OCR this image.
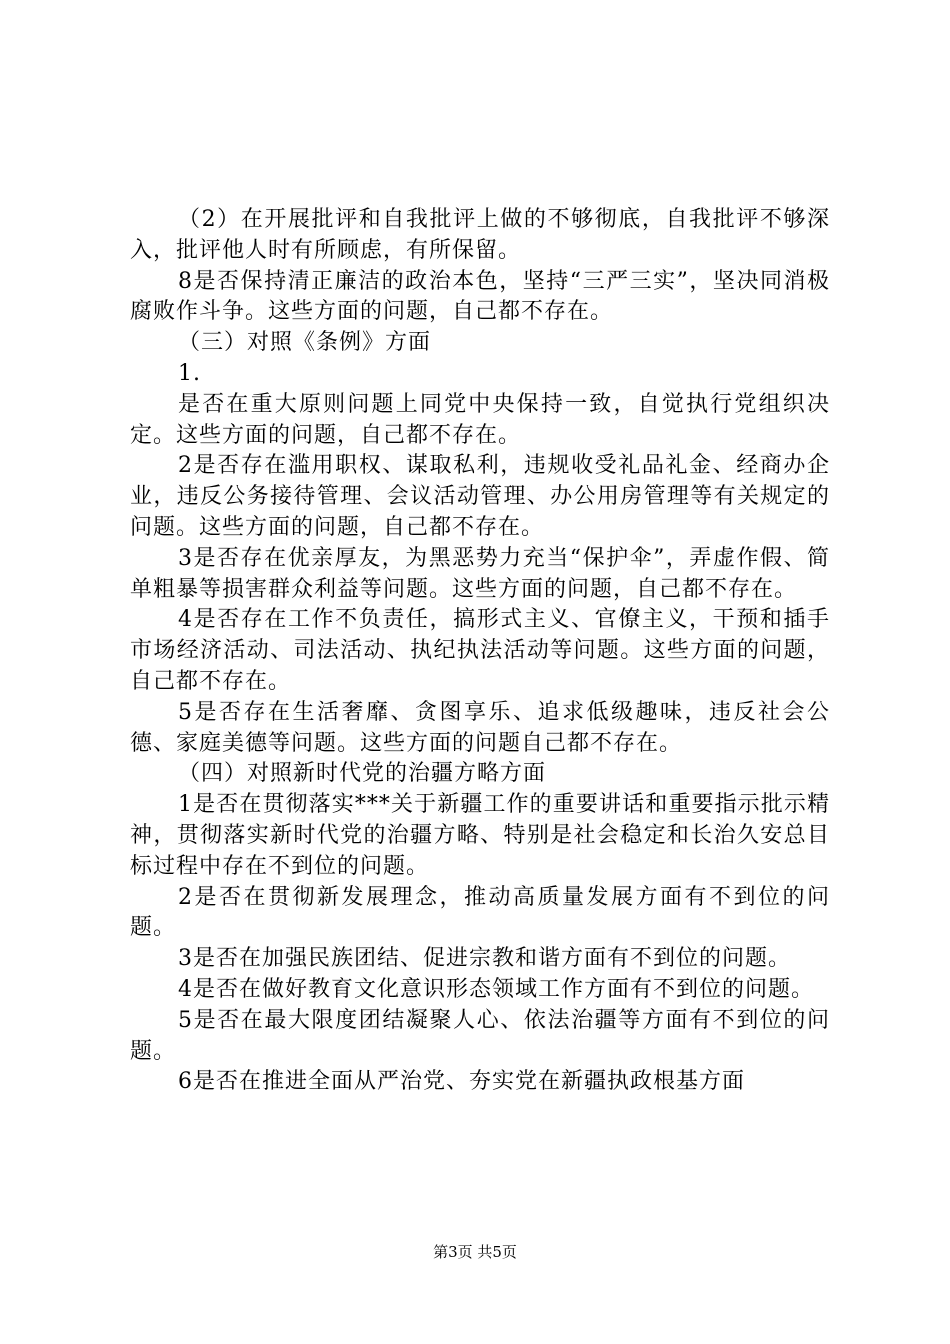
（2）在开展批评和自我批评上做的不够彻底，自我批评不够深入，批评他人时有所顾虑，有所保留。

8是否保持清正廉洁的政治本色，坚持“三严三实”，坚决同消极腐败作斗争。这些方面的问题，自己都不存在。

（三）对照《条例》方面

1.

是否在重大原则问题上同党中央保持一致，自觉执行党组织决定。这些方面的问题，自己都不存在。

2是否存在滥用职权、谋取私利，违规收受礼品礼金、经商办企业，违反公务接待管理、会议活动管理、办公用房管理等有关规定的问题。这些方面的问题，自己都不存在。

3是否存在优亲厚友，为黑恶势力充当“保护伞”，弄虚作假、简单粗暴等损害群众利益等问题。这些方面的问题，自己都不存在。

4是否存在工作不负责任，搞形式主义、官僚主义，干预和插手市场经济活动、司法活动、执纪执法活动等问题。这些方面的问题，自己都不存在。

5是否存在生活奢靡、贪图享乐、追求低级趣味，违反社会公德、家庭美德等问题。这些方面的问题自己都不存在。

（四）对照新时代党的治疆方略方面

1是否在贯彻落实***关于新疆工作的重要讲话和重要指示批示精神，贯彻落实新时代党的治疆方略、特别是社会稳定和长治久安总目标过程中存在不到位的问题。

2是否在贯彻新发展理念，推动高质量发展方面有不到位的问题。

3是否在加强民族团结、促进宗教和谐方面有不到位的问题。

4是否在做好教育文化意识形态领域工作方面有不到位的问题。

5是否在最大限度团结凝聚人心、依法治疆等方面有不到位的问题。

6是否在推进全面从严治党、夯实党在新疆执政根基方面

第3页 共5页
